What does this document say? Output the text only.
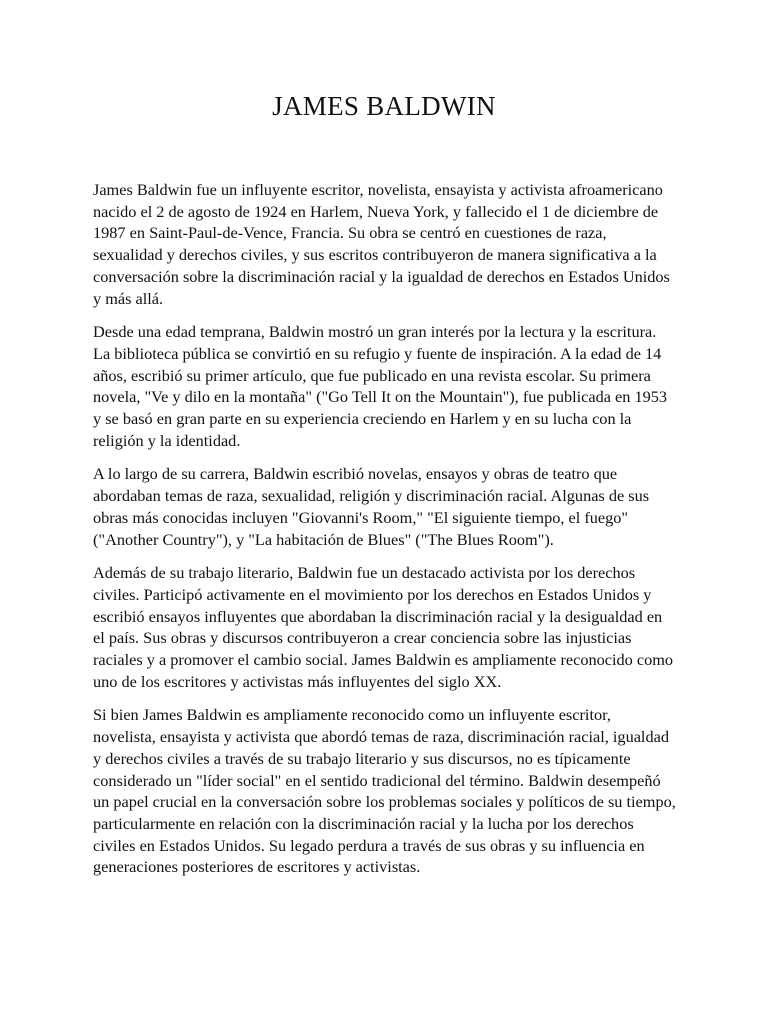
JAMES BALDWIN

James Baldwin fue un influyente escritor, novelista, ensayista y activista afroamericano nacido el 2 de agosto de 1924 en Harlem, Nueva York, y fallecido el 1 de diciembre de 1987 en Saint-Paul-de-Vence, Francia. Su obra se centró en cuestiones de raza, sexualidad y derechos civiles, y sus escritos contribuyeron de manera significativa a la conversación sobre la discriminación racial y la igualdad de derechos en Estados Unidos y más allá.

Desde una edad temprana, Baldwin mostró un gran interés por la lectura y la escritura. La biblioteca pública se convirtió en su refugio y fuente de inspiración. A la edad de 14 años, escribió su primer artículo, que fue publicado en una revista escolar. Su primera novela, "Ve y dilo en la montaña" ("Go Tell It on the Mountain"), fue publicada en 1953 y se basó en gran parte en su experiencia creciendo en Harlem y en su lucha con la religión y la identidad.

A lo largo de su carrera, Baldwin escribió novelas, ensayos y obras de teatro que abordaban temas de raza, sexualidad, religión y discriminación racial. Algunas de sus obras más conocidas incluyen "Giovanni's Room," "El siguiente tiempo, el fuego" ("Another Country"), y "La habitación de Blues" ("The Blues Room").

Además de su trabajo literario, Baldwin fue un destacado activista por los derechos civiles. Participó activamente en el movimiento por los derechos en Estados Unidos y escribió ensayos influyentes que abordaban la discriminación racial y la desigualdad en el país. Sus obras y discursos contribuyeron a crear conciencia sobre las injusticias raciales y a promover el cambio social. James Baldwin es ampliamente reconocido como uno de los escritores y activistas más influyentes del siglo XX.

Si bien James Baldwin es ampliamente reconocido como un influyente escritor, novelista, ensayista y activista que abordó temas de raza, discriminación racial, igualdad y derechos civiles a través de su trabajo literario y sus discursos, no es típicamente considerado un "líder social" en el sentido tradicional del término. Baldwin desempeñó un papel crucial en la conversación sobre los problemas sociales y políticos de su tiempo, particularmente en relación con la discriminación racial y la lucha por los derechos civiles en Estados Unidos. Su legado perdura a través de sus obras y su influencia en generaciones posteriores de escritores y activistas.
